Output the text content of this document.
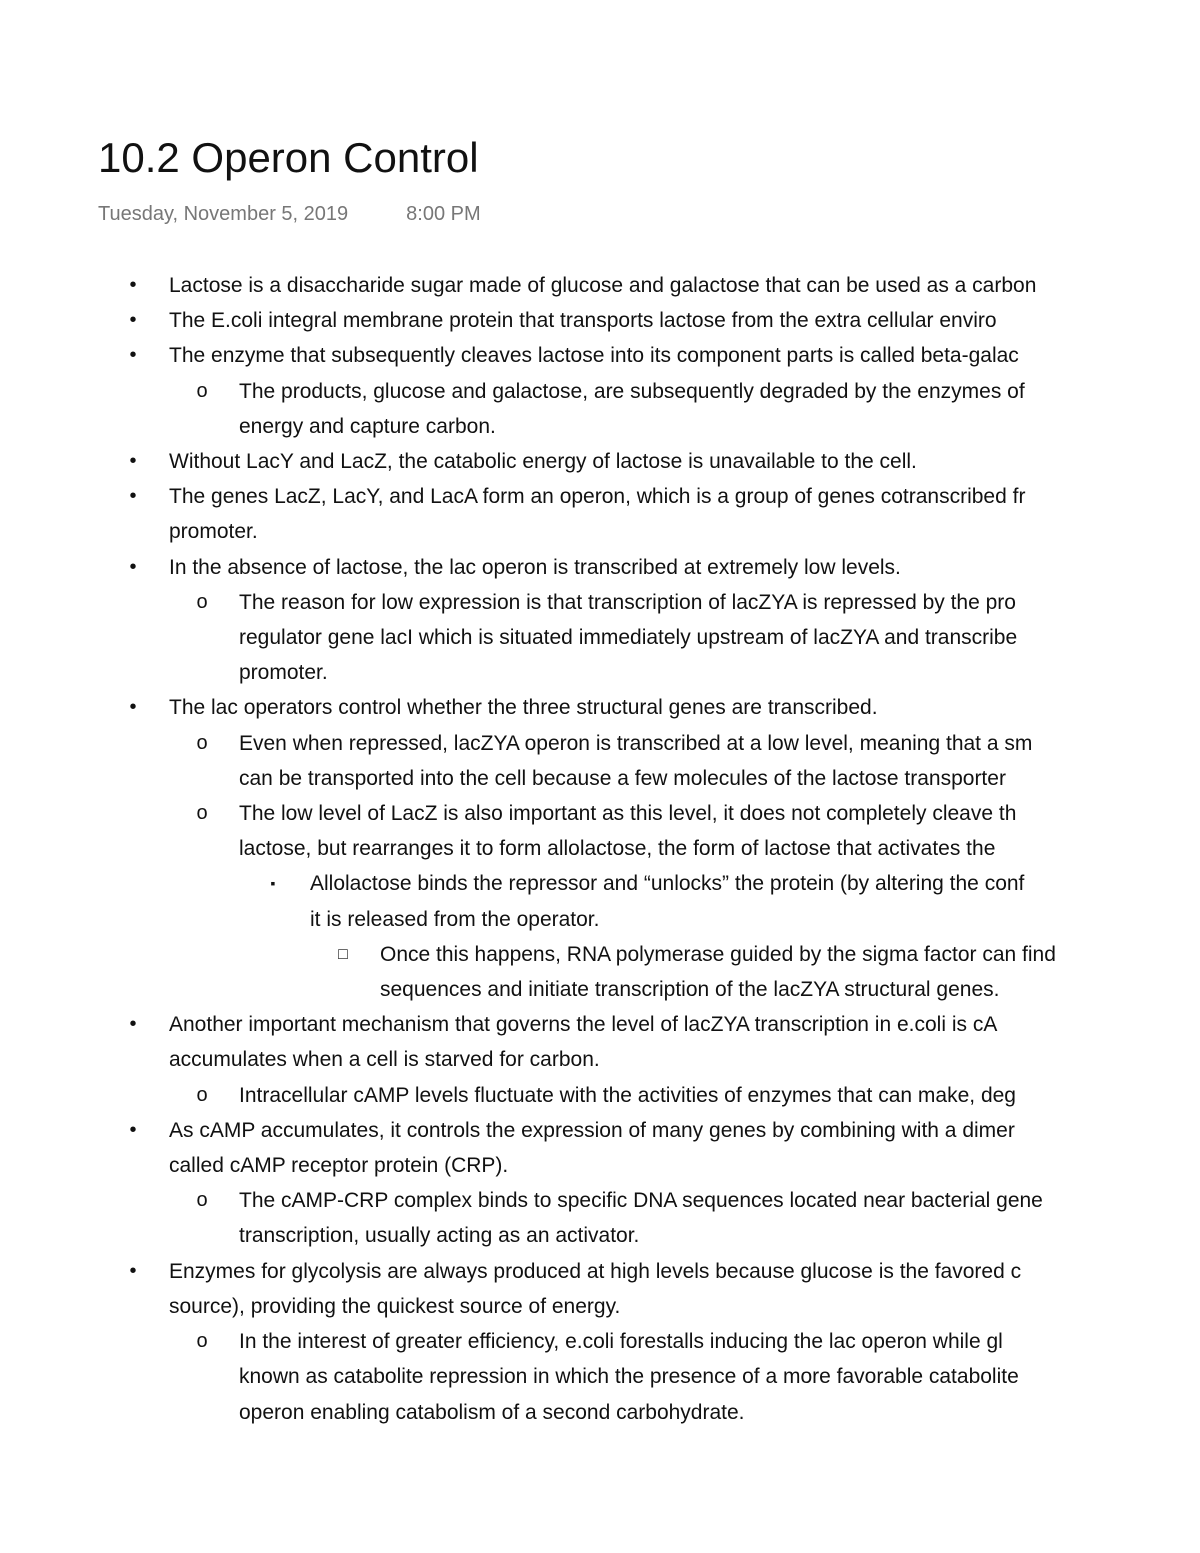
10.2 Operon Control
Tuesday, November 5, 2019	8:00 PM
•	Lactose is a disaccharide sugar made of glucose and galactose that can be used as a carbon
•	The E.coli integral membrane protein that transports lactose from the extra cellular enviro
•	The enzyme that subsequently cleaves lactose into its component parts is called beta-galac
o	The products, glucose and galactose, are subsequently degraded by the enzymes of
energy and capture carbon.
•	Without LacY and LacZ, the catabolic energy of lactose is unavailable to the cell.
•	The genes LacZ, LacY, and LacA form an operon, which is a group of genes cotranscribed fr
promoter.
•	In the absence of lactose, the lac operon is transcribed at extremely low levels.
o	The reason for low expression is that transcription of lacZYA is repressed by the pro
regulator gene lacI which is situated immediately upstream of lacZYA and transcribe
promoter.
•	The lac operators control whether the three structural genes are transcribed.
o	Even when repressed, lacZYA operon is transcribed at a low level, meaning that a sm
can be transported into the cell because a few molecules of the lactose transporter
o	The low level of LacZ is also important as this level, it does not completely cleave th
lactose, but rearranges it to form allolactose, the form of lactose that activates the
▪	Allolactose binds the repressor and “unlocks” the protein (by altering the conf
it is released from the operator.
□	Once this happens, RNA polymerase guided by the sigma factor can find
sequences and initiate transcription of the lacZYA structural genes.
•	Another important mechanism that governs the level of lacZYA transcription in e.coli is cA
accumulates when a cell is starved for carbon.
o	Intracellular cAMP levels fluctuate with the activities of enzymes that can make, deg
•	As cAMP accumulates, it controls the expression of many genes by combining with a dimer
called cAMP receptor protein (CRP).
o	The cAMP-CRP complex binds to specific DNA sequences located near bacterial gene
transcription, usually acting as an activator.
•	Enzymes for glycolysis are always produced at high levels because glucose is the favored c
source), providing the quickest source of energy.
o	In the interest of greater efficiency, e.coli forestalls inducing the lac operon while gl
known as catabolite repression in which the presence of a more favorable catabolite
operon enabling catabolism of a second carbohydrate.
